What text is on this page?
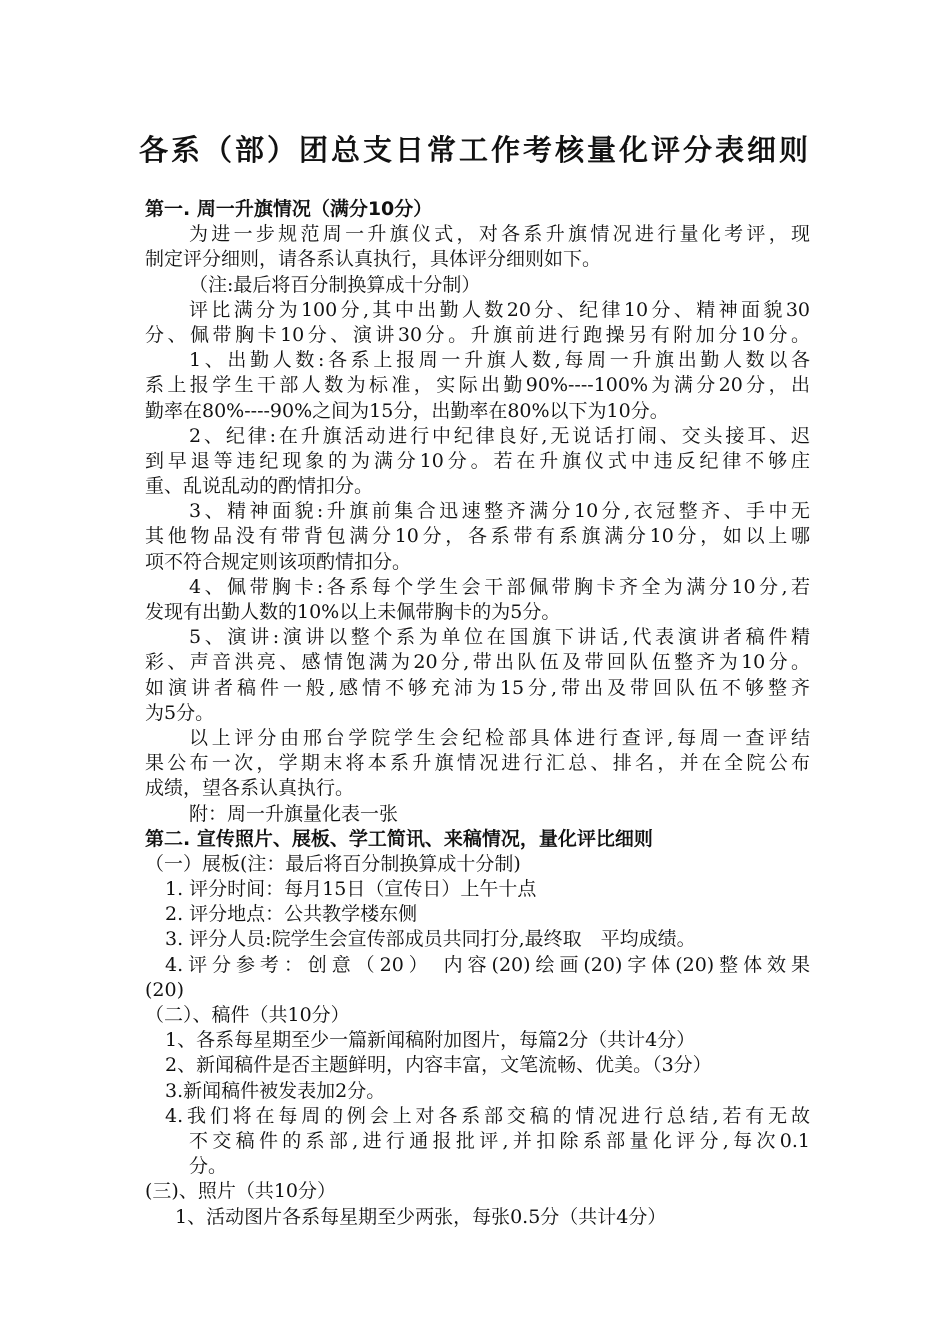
各系（部）团总支日常工作考核量化评分表细则
第一. 周一升旗情况（满分10分）
为进一步规范周一升旗仪式，对各系升旗情况进行量化考评，现
制定评分细则，请各系认真执行，具体评分细则如下。
（注:最后将百分制换算成十分制）
评比满分为100分,其中出勤人数20分、纪律10分、精神面貌30
分、佩带胸卡10分、演讲30分。升旗前进行跑操另有附加分10分。
1、出勤人数:各系上报周一升旗人数,每周一升旗出勤人数以各
系上报学生干部人数为标准，实际出勤90%----100%为满分20分，出
勤率在80%----90%之间为15分，出勤率在80%以下为10分。
2、纪律:在升旗活动进行中纪律良好,无说话打闹、交头接耳、迟
到早退等违纪现象的为满分10分。若在升旗仪式中违反纪律不够庄
重、乱说乱动的酌情扣分。
3、精神面貌:升旗前集合迅速整齐满分10分,衣冠整齐、手中无
其他物品没有带背包满分10分，各系带有系旗满分10分，如以上哪
项不符合规定则该项酌情扣分。
4、佩带胸卡:各系每个学生会干部佩带胸卡齐全为满分10分,若
发现有出勤人数的10%以上未佩带胸卡的为5分。
5、演讲:演讲以整个系为单位在国旗下讲话,代表演讲者稿件精
彩、声音洪亮、感情饱满为20分,带出队伍及带回队伍整齐为10分。
如演讲者稿件一般,感情不够充沛为15分,带出及带回队伍不够整齐
为5分。
以上评分由邢台学院学生会纪检部具体进行查评,每周一查评结
果公布一次，学期末将本系升旗情况进行汇总、排名，并在全院公布
成绩，望各系认真执行。
附：周一升旗量化表一张
第二. 宣传照片、展板、学工简讯、来稿情况，量化评比细则
（一）展板(注：最后将百分制换算成十分制)
1. 评分时间：每月15日（宣传日）上午十点
2. 评分地点：公共教学楼东侧
3. 评分人员:院学生会宣传部成员共同打分,最终取　平均成绩。
4.评分参考：创意（20） 内容(20)绘画(20)字体(20)整体效果
(20)
（二）、稿件（共10分）
1、各系每星期至少一篇新闻稿附加图片，每篇2分（共计4分）
2、新闻稿件是否主题鲜明，内容丰富，文笔流畅、优美。（3分）
3.新闻稿件被发表加2分。
4.我们将在每周的例会上对各系部交稿的情况进行总结,若有无故
不交稿件的系部,进行通报批评,并扣除系部量化评分,每次0.1
分。
(三)、照片（共10分）
1、活动图片各系每星期至少两张，每张0.5分（共计4分）
